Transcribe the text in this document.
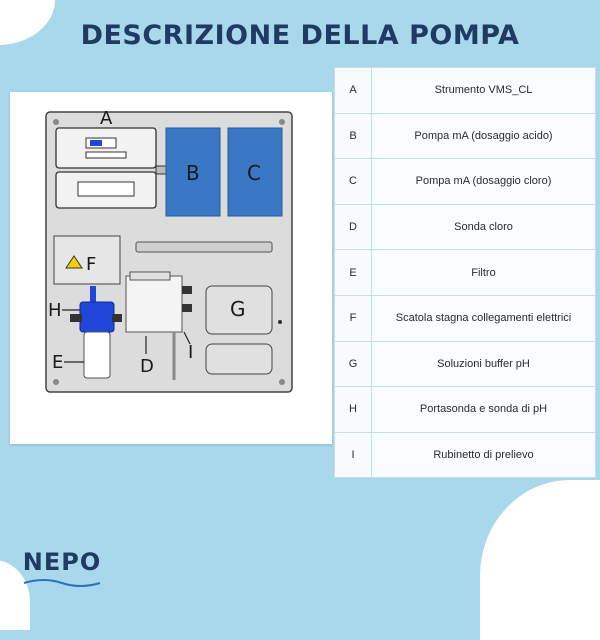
DESCRIZIONE DELLA POMPA
A
B C
F
H
E	D
I
G
A	Strumento VMS_CL
B	Pompa mA (dosaggio acido)
C	Pompa mA (dosaggio cloro)
D	Sonda cloro
E	Filtro
F	Scatola stagna collegamenti elettrici
G	Soluzioni buffer pH
H	Portasonda e sonda di pH
I	Rubinetto di prelievo
NEPO
